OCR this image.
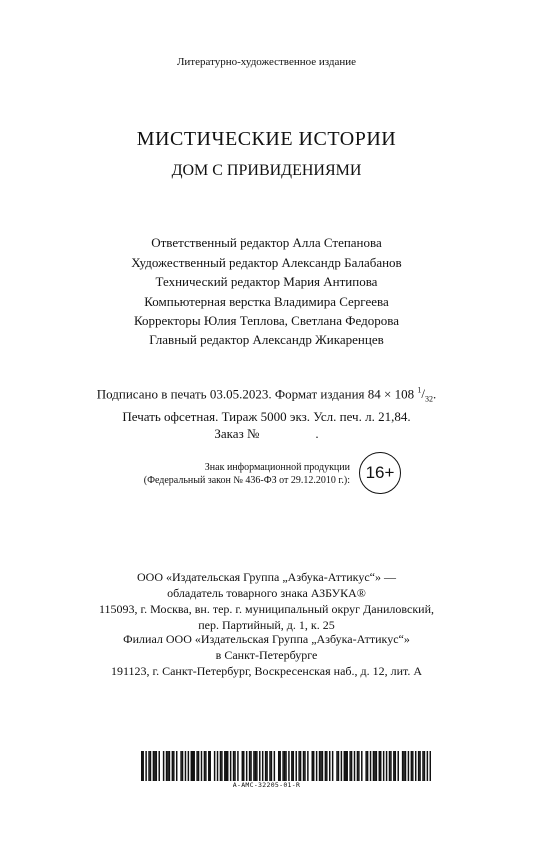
Литературно-художественное издание
МИСТИЧЕСКИЕ ИСТОРИИ
ДОМ С ПРИВИДЕНИЯМИ
Ответственный редактор Алла Степанова
Художественный редактор Александр Балабанов
Технический редактор Мария Антипова
Компьютерная верстка Владимира Сергеева
Корректоры Юлия Теплова, Светлана Федорова
Главный редактор Александр Жикаренцев
Подписано в печать 03.05.2023. Формат издания 84 × 108 $^1/_{32}$.
Печать офсетная. Тираж 5000 экз. Усл. печ. л. 21,84.
Заказ №	.
Знак информационной продукции
(Федеральный закон № 436-ФЗ от 29.12.2010 г.): 16+
ООО «Издательская Группа „Азбука-Аттикус“» —
обладатель товарного знака АЗБУКА®
115093, г. Москва, вн. тер. г. муниципальный округ Даниловский,
пер. Партийный, д. 1, к. 25
Филиал ООО «Издательская Группа „Азбука-Аттикус“»
в Санкт-Петербурге
191123, г. Санкт-Петербург, Воскресенская наб., д. 12, лит. А
А-АМС-32205-01-R
